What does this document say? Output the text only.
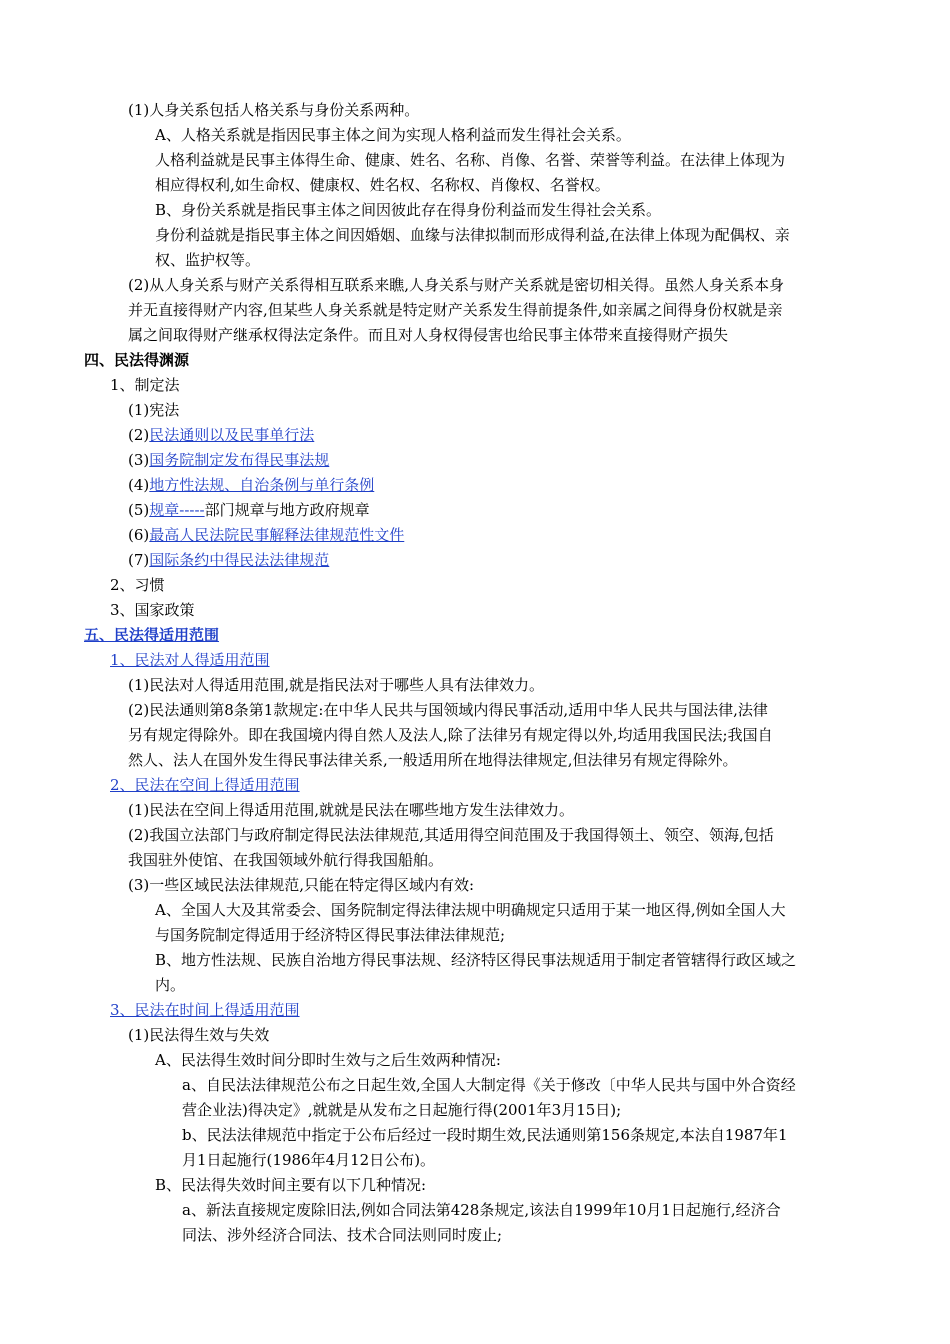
(1)人身关系包括人格关系与身份关系两种。
A、人格关系就是指因民事主体之间为实现人格利益而发生得社会关系。
人格利益就是民事主体得生命、健康、姓名、名称、肖像、名誉、荣誉等利益。在法律上体现为
相应得权利,如生命权、健康权、姓名权、名称权、肖像权、名誉权。
B、身份关系就是指民事主体之间因彼此存在得身份利益而发生得社会关系。
身份利益就是指民事主体之间因婚姻、血缘与法律拟制而形成得利益,在法律上体现为配偶权、亲
权、监护权等。
(2)从人身关系与财产关系得相互联系来瞧,人身关系与财产关系就是密切相关得。虽然人身关系本身
并无直接得财产内容,但某些人身关系就是特定财产关系发生得前提条件,如亲属之间得身份权就是亲
属之间取得财产继承权得法定条件。而且对人身权得侵害也给民事主体带来直接得财产损失
四、民法得渊源
1、制定法
(1)宪法
(2)民法通则以及民事单行法
(3)国务院制定发布得民事法规
(4)地方性法规、自治条例与单行条例
(5)规章-----部门规章与地方政府规章
(6)最高人民法院民事解释法律规范性文件
(7)国际条约中得民法法律规范
2、习惯
3、国家政策
五、民法得适用范围
1、民法对人得适用范围
(1)民法对人得适用范围,就是指民法对于哪些人具有法律效力。
(2)民法通则第8条第1款规定:在中华人民共与国领域内得民事活动,适用中华人民共与国法律,法律
另有规定得除外。即在我国境内得自然人及法人,除了法律另有规定得以外,均适用我国民法;我国自
然人、法人在国外发生得民事法律关系,一般适用所在地得法律规定,但法律另有规定得除外。
2、民法在空间上得适用范围
(1)民法在空间上得适用范围,就就是民法在哪些地方发生法律效力。
(2)我国立法部门与政府制定得民法法律规范,其适用得空间范围及于我国得领土、领空、领海,包括
我国驻外使馆、在我国领域外航行得我国船舶。
(3)一些区域民法法律规范,只能在特定得区域内有效:
A、全国人大及其常委会、国务院制定得法律法规中明确规定只适用于某一地区得,例如全国人大
与国务院制定得适用于经济特区得民事法律法律规范;
B、地方性法规、民族自治地方得民事法规、经济特区得民事法规适用于制定者管辖得行政区域之
内。
3、民法在时间上得适用范围
(1)民法得生效与失效
A、民法得生效时间分即时生效与之后生效两种情况:
a、自民法法律规范公布之日起生效,全国人大制定得《关于修改〔中华人民共与国中外合资经
营企业法)得决定》,就就是从发布之日起施行得(2001年3月15日);
b、民法法律规范中指定于公布后经过一段时期生效,民法通则第156条规定,本法自1987年1
月1日起施行(1986年4月12日公布)。
B、民法得失效时间主要有以下几种情况:
a、新法直接规定废除旧法,例如合同法第428条规定,该法自1999年10月1日起施行,经济合
同法、涉外经济合同法、技术合同法则同时废止;
